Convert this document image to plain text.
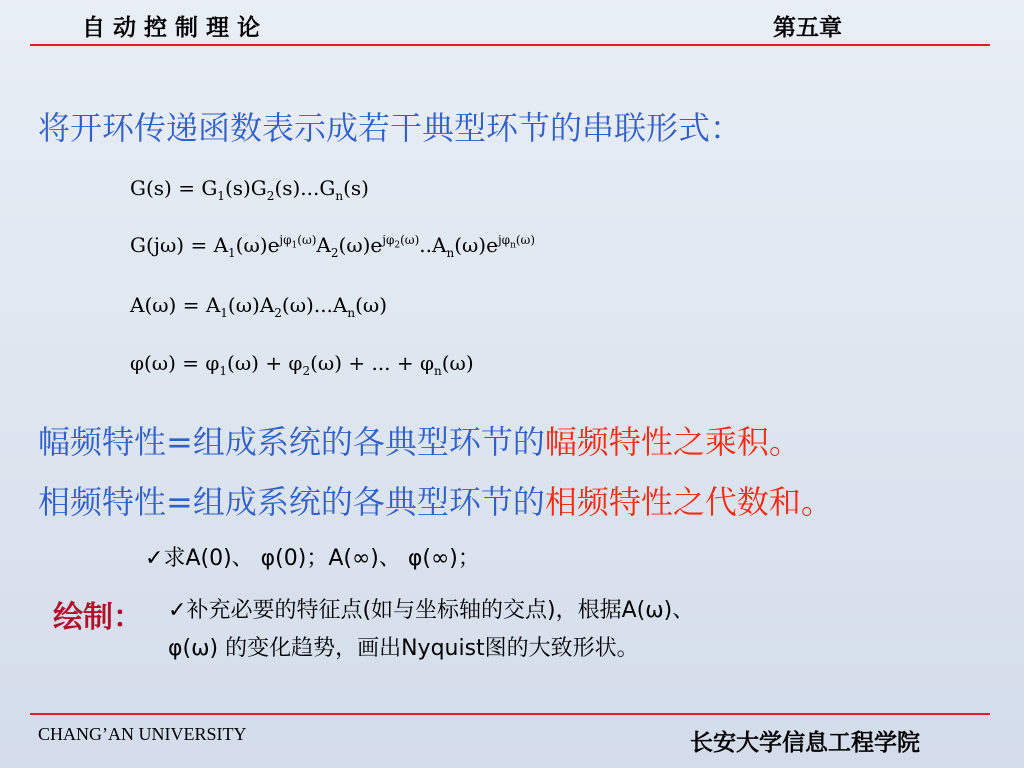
自 动 控 制 理 论	第五章
将开环传递函数表示成若干典型环节的串联形式：
$G(s) = G_1(s)G_2(s)...G_n(s)$
$G(j\omega) = A_1(\omega)e^{j\varphi_1(\omega)}A_2(\omega)e^{j\varphi_2(\omega)}..A_n(\omega)e^{j\varphi_n(\omega)}$
$A(\omega) = A_1(\omega)A_2(\omega)...A_n(\omega)$
$\varphi(\omega) = \varphi_1(\omega) + \varphi_2(\omega)$ + ... + $\varphi_n(\omega)$
幅频特性=组成系统的各典型环节的幅频特性之乘积。
相频特性=组成系统的各典型环节的相频特性之代数和。
✓求A(0)、 φ(0)；A(∞)、 φ(∞)；
绘制： ✓补充必要的特征点(如与坐标轴的交点)，根据A(ω)、
φ(ω) 的变化趋势，画出Nyquist图的大致形状。
CHANG’AN UNIVERSITY	长安大学信息工程学院
